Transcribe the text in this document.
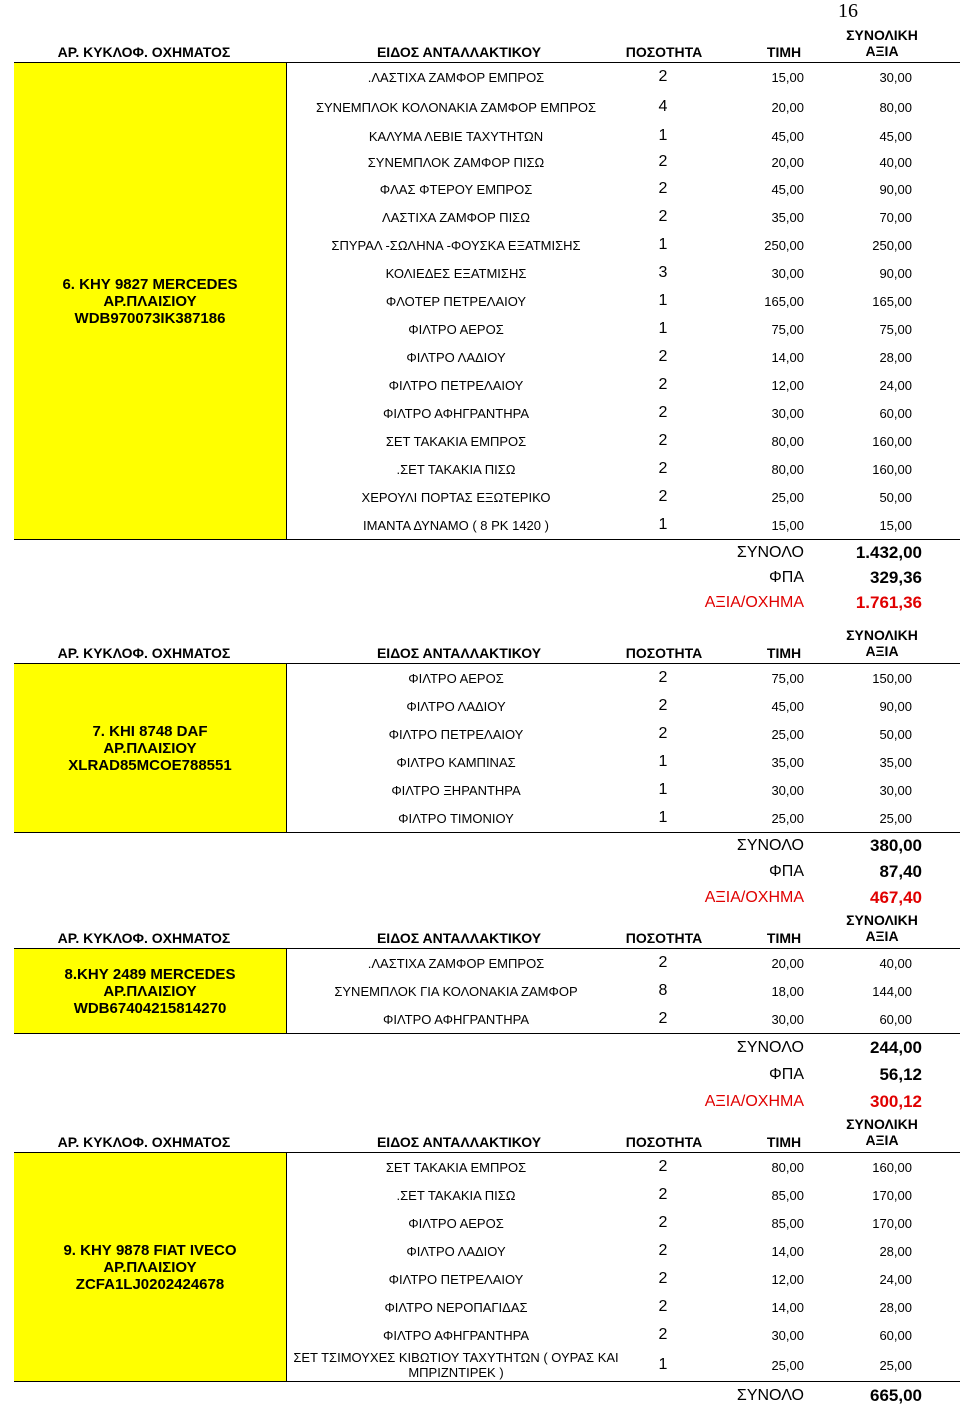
16
ΑΡ. ΚΥΚΛΟΦ. ΟΧΗΜΑΤΟΣ	ΕΙΔΟΣ ΑΝΤΑΛΛΑΚΤΙΚΟΥ	ΠΟΣΟΤΗΤΑ	ΤΙΜΗ
ΣΥΝΟΛΙΚΗ
ΑΞΙΑ
6. ΚΗΥ 9827 MERCEDES
ΑΡ.ΠΛΑΙΣΙΟΥ
WDB970073IK387186
.ΛΑΣΤΙΧΑ ΖΑΜΦΟΡ ΕΜΠΡΟΣ	2	15,00	30,00
ΣΥΝΕΜΠΛΟΚ ΚΟΛΟΝΑΚΙΑ ΖΑΜΦΟΡ ΕΜΠΡΟΣ	4	20,00	80,00
ΚΑΛΥΜΑ ΛΕΒΙΕ ΤΑΧΥΤΗΤΩΝ	1	45,00	45,00
ΣΥΝΕΜΠΛΟΚ ΖΑΜΦΟΡ ΠΙΣΩ	2	20,00	40,00
ΦΛΑΣ ΦΤΕΡΟΥ ΕΜΠΡΟΣ	2	45,00	90,00
ΛΑΣΤΙΧΑ ΖΑΜΦΟΡ ΠΙΣΩ	2	35,00	70,00
ΣΠΥΡΑΛ -ΣΩΛΗΝΑ -ΦΟΥΣΚΑ ΕΞΑΤΜΙΣΗΣ	1	250,00	250,00
ΚΟΛΙΕΔΕΣ ΕΞΑΤΜΙΣΗΣ	3	30,00	90,00
ΦΛΟΤΕΡ ΠΕΤΡΕΛΑΙΟΥ	1	165,00	165,00
ΦΙΛΤΡΟ ΑΕΡΟΣ	1	75,00	75,00
ΦΙΛΤΡΟ ΛΑΔΙΟΥ	2	14,00	28,00
ΦΙΛΤΡΟ ΠΕΤΡΕΛΑΙΟΥ	2	12,00	24,00
ΦΙΛΤΡΟ ΑΦΗΓΡΑΝΤΗΡΑ	2	30,00	60,00
ΣΕΤ ΤΑΚΑΚΙΑ ΕΜΠΡΟΣ	2	80,00	160,00
.ΣΕΤ ΤΑΚΑΚΙΑ ΠΙΣΩ	2	80,00	160,00
ΧΕΡΟΥΛΙ ΠΟΡΤΑΣ ΕΞΩΤΕΡΙΚΟ	2	25,00	50,00
ΙΜΑΝΤΑ ΔΥΝΑΜΟ ( 8 PK 1420 )	1	15,00	15,00
ΣΥΝΟΛΟ	1.432,00
ΦΠΑ	329,36
ΑΞΙΑ/ΟΧΗΜΑ	1.761,36
ΑΡ. ΚΥΚΛΟΦ. ΟΧΗΜΑΤΟΣ	ΕΙΔΟΣ ΑΝΤΑΛΛΑΚΤΙΚΟΥ	ΠΟΣΟΤΗΤΑ	ΤΙΜΗ
ΣΥΝΟΛΙΚΗ
ΑΞΙΑ
7. ΚΗΙ 8748 DAF
ΑΡ.ΠΛΑΙΣΙΟΥ
XLRAD85MCOE788551
ΦΙΛΤΡΟ ΑΕΡΟΣ	2	75,00	150,00
ΦΙΛΤΡΟ ΛΑΔΙΟΥ	2	45,00	90,00
ΦΙΛΤΡΟ ΠΕΤΡΕΛΑΙΟΥ	2	25,00	50,00
ΦΙΛΤΡΟ ΚΑΜΠΙΝΑΣ	1	35,00	35,00
ΦΙΛΤΡΟ ΞΗΡΑΝΤΗΡΑ	1	30,00	30,00
ΦΙΛΤΡΟ ΤΙΜΟΝΙΟΥ	1	25,00	25,00
ΣΥΝΟΛΟ	380,00
ΦΠΑ	87,40
ΑΞΙΑ/ΟΧΗΜΑ	467,40
ΑΡ. ΚΥΚΛΟΦ. ΟΧΗΜΑΤΟΣ	ΕΙΔΟΣ ΑΝΤΑΛΛΑΚΤΙΚΟΥ	ΠΟΣΟΤΗΤΑ	ΤΙΜΗ
ΣΥΝΟΛΙΚΗ
ΑΞΙΑ
8.ΚΗΥ 2489 MERCEDES
ΑΡ.ΠΛΑΙΣΙΟΥ
WDB67404215814270
.ΛΑΣΤΙΧΑ ΖΑΜΦΟΡ ΕΜΠΡΟΣ	2	20,00	40,00
ΣΥΝΕΜΠΛΟΚ ΓΙΑ ΚΟΛΟΝΑΚΙΑ ΖΑΜΦΟΡ	8	18,00	144,00
ΦΙΛΤΡΟ ΑΦΗΓΡΑΝΤΗΡΑ	2	30,00	60,00
ΣΥΝΟΛΟ	244,00
ΦΠΑ	56,12
ΑΞΙΑ/ΟΧΗΜΑ	300,12
ΑΡ. ΚΥΚΛΟΦ. ΟΧΗΜΑΤΟΣ	ΕΙΔΟΣ ΑΝΤΑΛΛΑΚΤΙΚΟΥ	ΠΟΣΟΤΗΤΑ	ΤΙΜΗ
ΣΥΝΟΛΙΚΗ
ΑΞΙΑ
9. ΚΗΥ 9878 FIAT IVECO
ΑΡ.ΠΛΑΙΣΙΟΥ
ZCFA1LJ0202424678
ΣΕΤ ΤΑΚΑΚΙΑ ΕΜΠΡΟΣ	2	80,00	160,00
.ΣΕΤ ΤΑΚΑΚΙΑ ΠΙΣΩ	2	85,00	170,00
ΦΙΛΤΡΟ ΑΕΡΟΣ	2	85,00	170,00
ΦΙΛΤΡΟ ΛΑΔΙΟΥ	2	14,00	28,00
ΦΙΛΤΡΟ ΠΕΤΡΕΛΑΙΟΥ	2	12,00	24,00
ΦΙΛΤΡΟ ΝΕΡΟΠΑΓΙΔΑΣ	2	14,00	28,00
ΦΙΛΤΡΟ ΑΦΗΓΡΑΝΤΗΡΑ	2	30,00	60,00
ΣΕΤ ΤΣΙΜΟΥΧΕΣ ΚΙΒΩΤΙΟΥ ΤΑΧΥΤΗΤΩΝ ( ΟΥΡΑΣ ΚΑΙ ΜΠΡΙΖΝΤΙΡΕΚ )	1	25,00	25,00
ΣΥΝΟΛΟ	665,00
